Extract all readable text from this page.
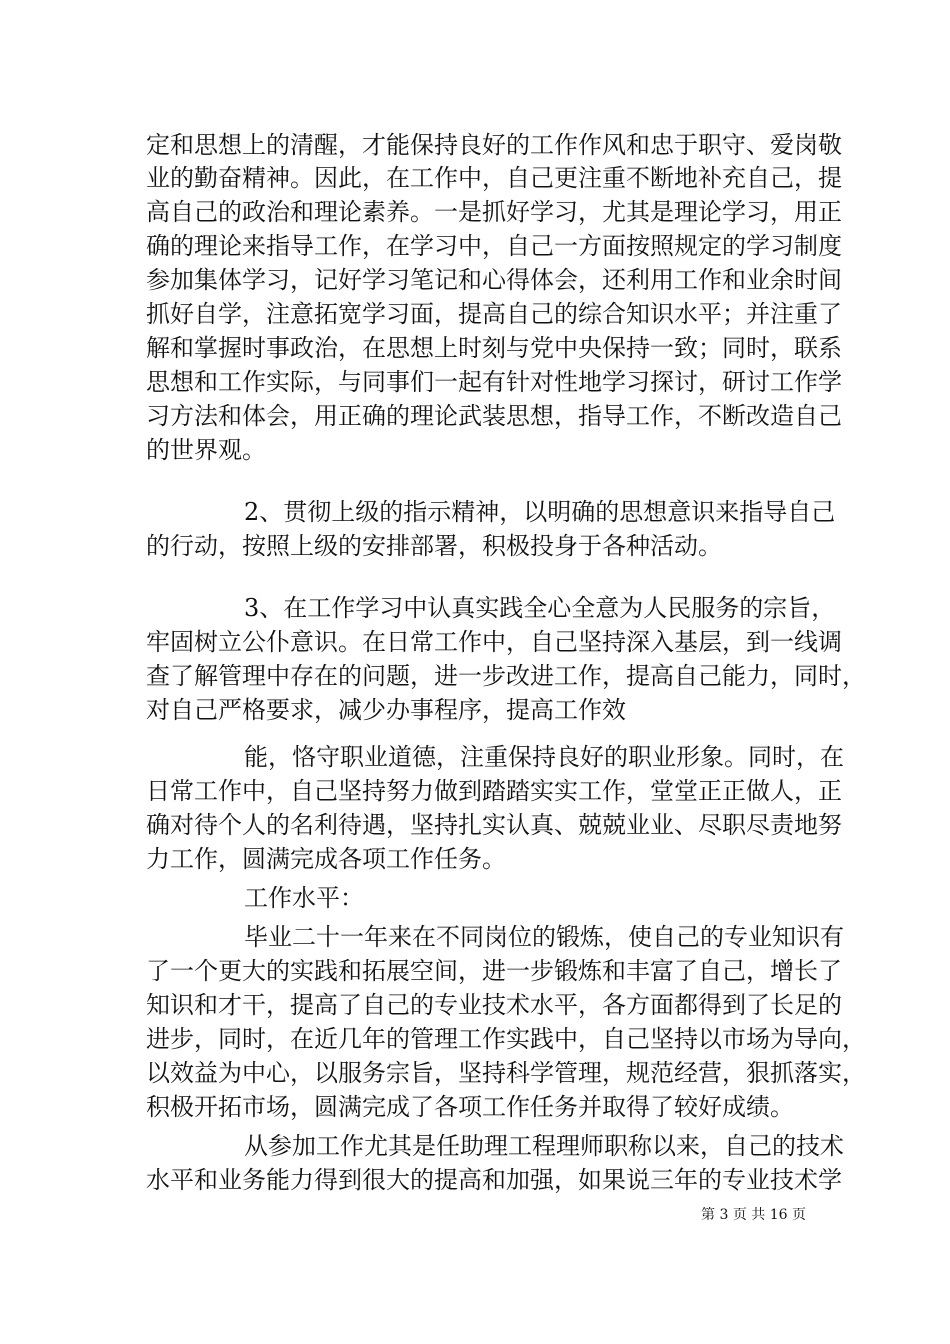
定和思想上的清醒，才能保持良好的工作作风和忠于职守、爱岗敬
业的勤奋精神。因此，在工作中，自己更注重不断地补充自己，提
高自己的政治和理论素养。一是抓好学习，尤其是理论学习，用正
确的理论来指导工作，在学习中，自己一方面按照规定的学习制度
参加集体学习，记好学习笔记和心得体会，还利用工作和业余时间
抓好自学，注意拓宽学习面，提高自己的综合知识水平；并注重了
解和掌握时事政治，在思想上时刻与党中央保持一致；同时，联系
思想和工作实际，与同事们一起有针对性地学习探讨，研讨工作学
习方法和体会，用正确的理论武装思想，指导工作，不断改造自己
的世界观。
2、贯彻上级的指示精神，以明确的思想意识来指导自己
的行动，按照上级的安排部署，积极投身于各种活动。
3、在工作学习中认真实践全心全意为人民服务的宗旨，
牢固树立公仆意识。在日常工作中，自己坚持深入基层，到一线调
查了解管理中存在的问题，进一步改进工作，提高自己能力，同时，
对自己严格要求，减少办事程序，提高工作效
能，恪守职业道德，注重保持良好的职业形象。同时，在
日常工作中，自己坚持努力做到踏踏实实工作，堂堂正正做人，正
确对待个人的名利待遇，坚持扎实认真、兢兢业业、尽职尽责地努
力工作，圆满完成各项工作任务。
工作水平：
毕业二十一年来在不同岗位的锻炼，使自己的专业知识有
了一个更大的实践和拓展空间，进一步锻炼和丰富了自己，增长了
知识和才干，提高了自己的专业技术水平，各方面都得到了长足的
进步，同时，在近几年的管理工作实践中，自己坚持以市场为导向，
以效益为中心，以服务宗旨，坚持科学管理，规范经营，狠抓落实，
积极开拓市场，圆满完成了各项工作任务并取得了较好成绩。
从参加工作尤其是任助理工程理师职称以来，自己的技术
水平和业务能力得到很大的提高和加强，如果说三年的专业技术学
第 3 页 共 16 页
